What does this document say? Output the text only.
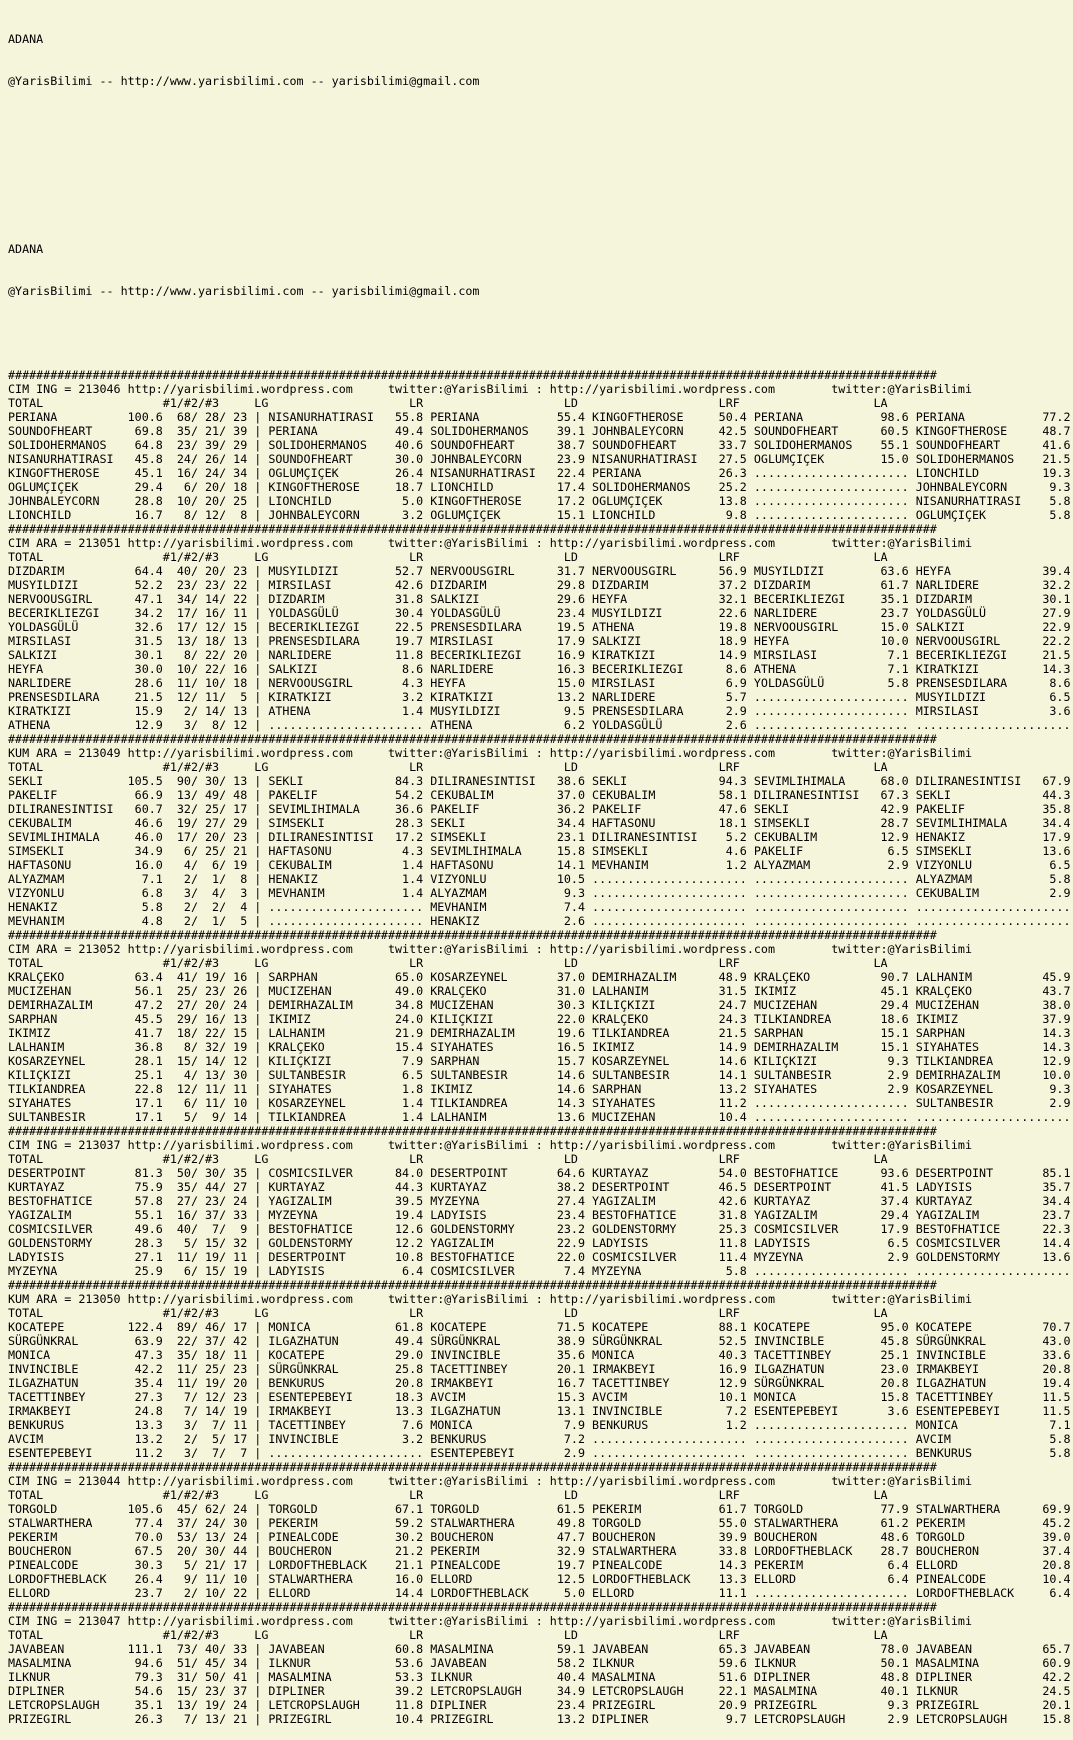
ADANA

@YarisBilimi -- http://www.yarisbilimi.com -- yarisbilimi@gmail.com

ADANA

@YarisBilimi -- http://www.yarisbilimi.com -- yarisbilimi@gmail.com

####################################################################################################################################
CIM ING = 213046 http://yarisbilimi.wordpress.com     twitter:@YarisBilimi : http://yarisbilimi.wordpress.com        twitter:@YarisBilimi
TOTAL                 #1/#2/#3     LG                    LR                    LD                    LRF                   LA
PERIANA          100.6  68/ 28/ 23 | NISANURHATIRASI   55.8 PERIANA           55.4 KINGOFTHEROSE     50.4 PERIANA           98.6 PERIANA           77.2
SOUNDOFHEART      69.8  35/ 21/ 39 | PERIANA           49.4 SOLIDOHERMANOS    39.1 JOHNBALEYCORN     42.5 SOUNDOFHEART      60.5 KINGOFTHEROSE     48.7
SOLIDOHERMANOS    64.8  23/ 39/ 29 | SOLIDOHERMANOS    40.6 SOUNDOFHEART      38.7 SOUNDOFHEART      33.7 SOLIDOHERMANOS    55.1 SOUNDOFHEART      41.6
NISANURHATIRASI   45.8  24/ 26/ 14 | SOUNDOFHEART      30.0 JOHNBALEYCORN     23.9 NISANURHATIRASI   27.5 OGLUMÇIÇEK        15.0 SOLIDOHERMANOS    21.5
KINGOFTHEROSE     45.1  16/ 24/ 34 | OGLUMÇIÇEK        26.4 NISANURHATIRASI   22.4 PERIANA           26.3 ...................... LIONCHILD         19.3
OGLUMÇIÇEK        29.4   6/ 20/ 18 | KINGOFTHEROSE     18.7 LIONCHILD         17.4 SOLIDOHERMANOS    25.2 ...................... JOHNBALEYCORN      9.3
JOHNBALEYCORN     28.8  10/ 20/ 25 | LIONCHILD          5.0 KINGOFTHEROSE     17.2 OGLUMÇIÇEK        13.8 ...................... NISANURHATIRASI    5.8
LIONCHILD         16.7   8/ 12/  8 | JOHNBALEYCORN      3.2 OGLUMÇIÇEK        15.1 LIONCHILD          9.8 ...................... OGLUMÇIÇEK         5.8
####################################################################################################################################
CIM ARA = 213051 http://yarisbilimi.wordpress.com     twitter:@YarisBilimi : http://yarisbilimi.wordpress.com        twitter:@YarisBilimi
TOTAL                 #1/#2/#3     LG                    LR                    LD                    LRF                   LA
DIZDARIM          64.4  40/ 20/ 23 | MUSYILDIZI        52.7 NERVOOUSGIRL      31.7 NERVOOUSGIRL      56.9 MUSYILDIZI        63.6 HEYFA             39.4
MUSYILDIZI        52.2  23/ 23/ 22 | MIRSILASI         42.6 DIZDARIM          29.8 DIZDARIM          37.2 DIZDARIM          61.7 NARLIDERE         32.2
NERVOOUSGIRL      47.1  34/ 14/ 22 | DIZDARIM          31.8 SALKIZI           29.6 HEYFA             32.1 BECERIKLIEZGI     35.1 DIZDARIM          30.1
BECERIKLIEZGI     34.2  17/ 16/ 11 | YOLDASGÜLÜ        30.4 YOLDASGÜLÜ        23.4 MUSYILDIZI        22.6 NARLIDERE         23.7 YOLDASGÜLÜ        27.9
YOLDASGÜLÜ        32.6  17/ 12/ 15 | BECERIKLIEZGI     22.5 PRENSESDILARA     19.5 ATHENA            19.8 NERVOOUSGIRL      15.0 SALKIZI           22.9
MIRSILASI         31.5  13/ 18/ 13 | PRENSESDILARA     19.7 MIRSILASI         17.9 SALKIZI           18.9 HEYFA             10.0 NERVOOUSGIRL      22.2
SALKIZI           30.1   8/ 22/ 20 | NARLIDERE         11.8 BECERIKLIEZGI     16.9 KIRATKIZI         14.9 MIRSILASI          7.1 BECERIKLIEZGI     21.5
HEYFA             30.0  10/ 22/ 16 | SALKIZI            8.6 NARLIDERE         16.3 BECERIKLIEZGI      8.6 ATHENA             7.1 KIRATKIZI         14.3
NARLIDERE         28.6  11/ 10/ 18 | NERVOOUSGIRL       4.3 HEYFA             15.0 MIRSILASI          6.9 YOLDASGÜLÜ         5.8 PRENSESDILARA      8.6
PRENSESDILARA     21.5  12/ 11/  5 | KIRATKIZI          3.2 KIRATKIZI         13.2 NARLIDERE          5.7 ...................... MUSYILDIZI         6.5
KIRATKIZI         15.9   2/ 14/ 13 | ATHENA             1.4 MUSYILDIZI         9.5 PRENSESDILARA      2.9 ...................... MIRSILASI          3.6
ATHENA            12.9   3/  8/ 12 | ...................... ATHENA             6.2 YOLDASGÜLÜ         2.6 ...................... ......................
####################################################################################################################################
KUM ARA = 213049 http://yarisbilimi.wordpress.com     twitter:@YarisBilimi : http://yarisbilimi.wordpress.com        twitter:@YarisBilimi
TOTAL                 #1/#2/#3     LG                    LR                    LD                    LRF                   LA
SEKLI            105.5  90/ 30/ 13 | SEKLI             84.3 DILIRANESINTISI   38.6 SEKLI             94.3 SEVIMLIHIMALA     68.0 DILIRANESINTISI   67.9
PAKELIF           66.9  13/ 49/ 48 | PAKELIF           54.2 CEKUBALIM         37.0 CEKUBALIM         58.1 DILIRANESINTISI   67.3 SEKLI             44.3
DILIRANESINTISI   60.7  32/ 25/ 17 | SEVIMLIHIMALA     36.6 PAKELIF           36.2 PAKELIF           47.6 SEKLI             42.9 PAKELIF           35.8
CEKUBALIM         46.6  19/ 27/ 29 | SIMSEKLI          28.3 SEKLI             34.4 HAFTASONU         18.1 SIMSEKLI          28.7 SEVIMLIHIMALA     34.4
SEVIMLIHIMALA     46.0  17/ 20/ 23 | DILIRANESINTISI   17.2 SIMSEKLI          23.1 DILIRANESINTISI    5.2 CEKUBALIM         12.9 HENAKIZ           17.9
SIMSEKLI          34.9   6/ 25/ 21 | HAFTASONU          4.3 SEVIMLIHIMALA     15.8 SIMSEKLI           4.6 PAKELIF            6.5 SIMSEKLI          13.6
HAFTASONU         16.0   4/  6/ 19 | CEKUBALIM          1.4 HAFTASONU         14.1 MEVHANIM           1.2 ALYAZMAM           2.9 VIZYONLU           6.5
ALYAZMAM           7.1   2/  1/  8 | HENAKIZ            1.4 VIZYONLU          10.5 ...................... ...................... ALYAZMAM           5.8
VIZYONLU           6.8   3/  4/  3 | MEVHANIM           1.4 ALYAZMAM           9.3 ...................... ...................... CEKUBALIM          2.9
HENAKIZ            5.8   2/  2/  4 | ...................... MEVHANIM           7.4 ...................... ...................... ......................
MEVHANIM           4.8   2/  1/  5 | ...................... HENAKIZ            2.6 ...................... ...................... ......................
####################################################################################################################################
CIM ARA = 213052 http://yarisbilimi.wordpress.com     twitter:@YarisBilimi : http://yarisbilimi.wordpress.com        twitter:@YarisBilimi
TOTAL                 #1/#2/#3     LG                    LR                    LD                    LRF                   LA
KRALÇEKO          63.4  41/ 19/ 16 | SARPHAN           65.0 KOSARZEYNEL       37.0 DEMIRHAZALIM      48.9 KRALÇEKO          90.7 LALHANIM          45.9
MUCIZEHAN         56.1  25/ 23/ 26 | MUCIZEHAN         49.0 KRALÇEKO          31.0 LALHANIM          31.5 IKIMIZ            45.1 KRALÇEKO          43.7
DEMIRHAZALIM      47.2  27/ 20/ 24 | DEMIRHAZALIM      34.8 MUCIZEHAN         30.3 KILIÇKIZI         24.7 MUCIZEHAN         29.4 MUCIZEHAN         38.0
SARPHAN           45.5  29/ 16/ 13 | IKIMIZ            24.0 KILIÇKIZI         22.0 KRALÇEKO          24.3 TILKIANDREA       18.6 IKIMIZ            37.9
IKIMIZ            41.7  18/ 22/ 15 | LALHANIM          21.9 DEMIRHAZALIM      19.6 TILKIANDREA       21.5 SARPHAN           15.1 SARPHAN           14.3
LALHANIM          36.8   8/ 32/ 19 | KRALÇEKO          15.4 SIYAHATES         16.5 IKIMIZ            14.9 DEMIRHAZALIM      15.1 SIYAHATES         14.3
KOSARZEYNEL       28.1  15/ 14/ 12 | KILIÇKIZI          7.9 SARPHAN           15.7 KOSARZEYNEL       14.6 KILIÇKIZI          9.3 TILKIANDREA       12.9
KILIÇKIZI         25.1   4/ 13/ 30 | SULTANBESIR        6.5 SULTANBESIR       14.6 SULTANBESIR       14.1 SULTANBESIR        2.9 DEMIRHAZALIM      10.0
TILKIANDREA       22.8  12/ 11/ 11 | SIYAHATES          1.8 IKIMIZ            14.6 SARPHAN           13.2 SIYAHATES          2.9 KOSARZEYNEL        9.3
SIYAHATES         17.1   6/ 11/ 10 | KOSARZEYNEL        1.4 TILKIANDREA       14.3 SIYAHATES         11.2 ...................... SULTANBESIR        2.9
SULTANBESIR       17.1   5/  9/ 14 | TILKIANDREA        1.4 LALHANIM          13.6 MUCIZEHAN         10.4 ...................... ......................
####################################################################################################################################
CIM ING = 213037 http://yarisbilimi.wordpress.com     twitter:@YarisBilimi : http://yarisbilimi.wordpress.com        twitter:@YarisBilimi
TOTAL                 #1/#2/#3     LG                    LR                    LD                    LRF                   LA
DESERTPOINT       81.3  50/ 30/ 35 | COSMICSILVER      84.0 DESERTPOINT       64.6 KURTAYAZ          54.0 BESTOFHATICE      93.6 DESERTPOINT       85.1
KURTAYAZ          75.9  35/ 44/ 27 | KURTAYAZ          44.3 KURTAYAZ          38.2 DESERTPOINT       46.5 DESERTPOINT       41.5 LADYISIS          35.7
BESTOFHATICE      57.8  27/ 23/ 24 | YAGIZALIM         39.5 MYZEYNA           27.4 YAGIZALIM         42.6 KURTAYAZ          37.4 KURTAYAZ          34.4
YAGIZALIM         55.1  16/ 37/ 33 | MYZEYNA           19.4 LADYISIS          23.4 BESTOFHATICE      31.8 YAGIZALIM         29.4 YAGIZALIM         23.7
COSMICSILVER      49.6  40/  7/  9 | BESTOFHATICE      12.6 GOLDENSTORMY      23.2 GOLDENSTORMY      25.3 COSMICSILVER      17.9 BESTOFHATICE      22.3
GOLDENSTORMY      28.3   5/ 15/ 32 | GOLDENSTORMY      12.2 YAGIZALIM         22.9 LADYISIS          11.8 LADYISIS           6.5 COSMICSILVER      14.4
LADYISIS          27.1  11/ 19/ 11 | DESERTPOINT       10.8 BESTOFHATICE      22.0 COSMICSILVER      11.4 MYZEYNA            2.9 GOLDENSTORMY      13.6
MYZEYNA           25.9   6/ 15/ 19 | LADYISIS           6.4 COSMICSILVER       7.4 MYZEYNA            5.8 ...................... ......................
####################################################################################################################################
KUM ARA = 213050 http://yarisbilimi.wordpress.com     twitter:@YarisBilimi : http://yarisbilimi.wordpress.com        twitter:@YarisBilimi
TOTAL                 #1/#2/#3     LG                    LR                    LD                    LRF                   LA
KOCATEPE         122.4  89/ 46/ 17 | MONICA            61.8 KOCATEPE          71.5 KOCATEPE          88.1 KOCATEPE          95.0 KOCATEPE          70.7
SÜRGÜNKRAL        63.9  22/ 37/ 42 | ILGAZHATUN        49.4 SÜRGÜNKRAL        38.9 SÜRGÜNKRAL        52.5 INVINCIBLE        45.8 SÜRGÜNKRAL        43.0
MONICA            47.3  35/ 18/ 11 | KOCATEPE          29.0 INVINCIBLE        35.6 MONICA            40.3 TACETTINBEY       25.1 INVINCIBLE        33.6
INVINCIBLE        42.2  11/ 25/ 23 | SÜRGÜNKRAL        25.8 TACETTINBEY       20.1 IRMAKBEYI         16.9 ILGAZHATUN        23.0 IRMAKBEYI         20.8
ILGAZHATUN        35.4  11/ 19/ 20 | BENKURUS          20.8 IRMAKBEYI         16.7 TACETTINBEY       12.9 SÜRGÜNKRAL        20.8 ILGAZHATUN        19.4
TACETTINBEY       27.3   7/ 12/ 23 | ESENTEPEBEYI      18.3 AVCIM             15.3 AVCIM             10.1 MONICA            15.8 TACETTINBEY       11.5
IRMAKBEYI         24.8   7/ 14/ 19 | IRMAKBEYI         13.3 ILGAZHATUN        13.1 INVINCIBLE         7.2 ESENTEPEBEYI       3.6 ESENTEPEBEYI      11.5
BENKURUS          13.3   3/  7/ 11 | TACETTINBEY        7.6 MONICA             7.9 BENKURUS           1.2 ...................... MONICA             7.1
AVCIM             13.2   2/  5/ 17 | INVINCIBLE         3.2 BENKURUS           7.2 ...................... ...................... AVCIM              5.8
ESENTEPEBEYI      11.2   3/  7/  7 | ...................... ESENTEPEBEYI       2.9 ...................... ...................... BENKURUS           5.8
####################################################################################################################################
CIM ING = 213044 http://yarisbilimi.wordpress.com     twitter:@YarisBilimi : http://yarisbilimi.wordpress.com        twitter:@YarisBilimi
TOTAL                 #1/#2/#3     LG                    LR                    LD                    LRF                   LA
TORGOLD          105.6  45/ 62/ 24 | TORGOLD           67.1 TORGOLD           61.5 PEKERIM           61.7 TORGOLD           77.9 STALWARTHERA      69.9
STALWARTHERA      77.4  37/ 24/ 30 | PEKERIM           59.2 STALWARTHERA      49.8 TORGOLD           55.0 STALWARTHERA      61.2 PEKERIM           45.2
PEKERIM           70.0  53/ 13/ 24 | PINEALCODE        30.2 BOUCHERON         47.7 BOUCHERON         39.9 BOUCHERON         48.6 TORGOLD           39.0
BOUCHERON         67.5  20/ 30/ 44 | BOUCHERON         21.2 PEKERIM           32.9 STALWARTHERA      33.8 LORDOFTHEBLACK    28.7 BOUCHERON         37.4
PINEALCODE        30.3   5/ 21/ 17 | LORDOFTHEBLACK    21.1 PINEALCODE        19.7 PINEALCODE        14.3 PEKERIM            6.4 ELLORD            20.8
LORDOFTHEBLACK    26.4   9/ 11/ 10 | STALWARTHERA      16.0 ELLORD            12.5 LORDOFTHEBLACK    13.3 ELLORD             6.4 PINEALCODE        10.4
ELLORD            23.7   2/ 10/ 22 | ELLORD            14.4 LORDOFTHEBLACK     5.0 ELLORD            11.1 ...................... LORDOFTHEBLACK     6.4
####################################################################################################################################
CIM ING = 213047 http://yarisbilimi.wordpress.com     twitter:@YarisBilimi : http://yarisbilimi.wordpress.com        twitter:@YarisBilimi
TOTAL                 #1/#2/#3     LG                    LR                    LD                    LRF                   LA
JAVABEAN         111.1  73/ 40/ 33 | JAVABEAN          60.8 MASALMINA         59.1 JAVABEAN          65.3 JAVABEAN          78.0 JAVABEAN          65.7
MASALMINA         94.6  51/ 45/ 34 | ILKNUR            53.6 JAVABEAN          58.2 ILKNUR            59.6 ILKNUR            50.1 MASALMINA         60.9
ILKNUR            79.3  31/ 50/ 41 | MASALMINA         53.3 ILKNUR            40.4 MASALMINA         51.6 DIPLINER          48.8 DIPLINER          42.2
DIPLINER          54.6  15/ 23/ 37 | DIPLINER          39.2 LETCROPSLAUGH     34.9 LETCROPSLAUGH     22.1 MASALMINA         40.1 ILKNUR            24.5
LETCROPSLAUGH     35.1  13/ 19/ 24 | LETCROPSLAUGH     11.8 DIPLINER          23.4 PRIZEGIRL         20.9 PRIZEGIRL          9.3 PRIZEGIRL         20.1
PRIZEGIRL         26.3   7/ 13/ 21 | PRIZEGIRL         10.4 PRIZEGIRL         13.2 DIPLINER           9.7 LETCROPSLAUGH      2.9 LETCROPSLAUGH     15.8
